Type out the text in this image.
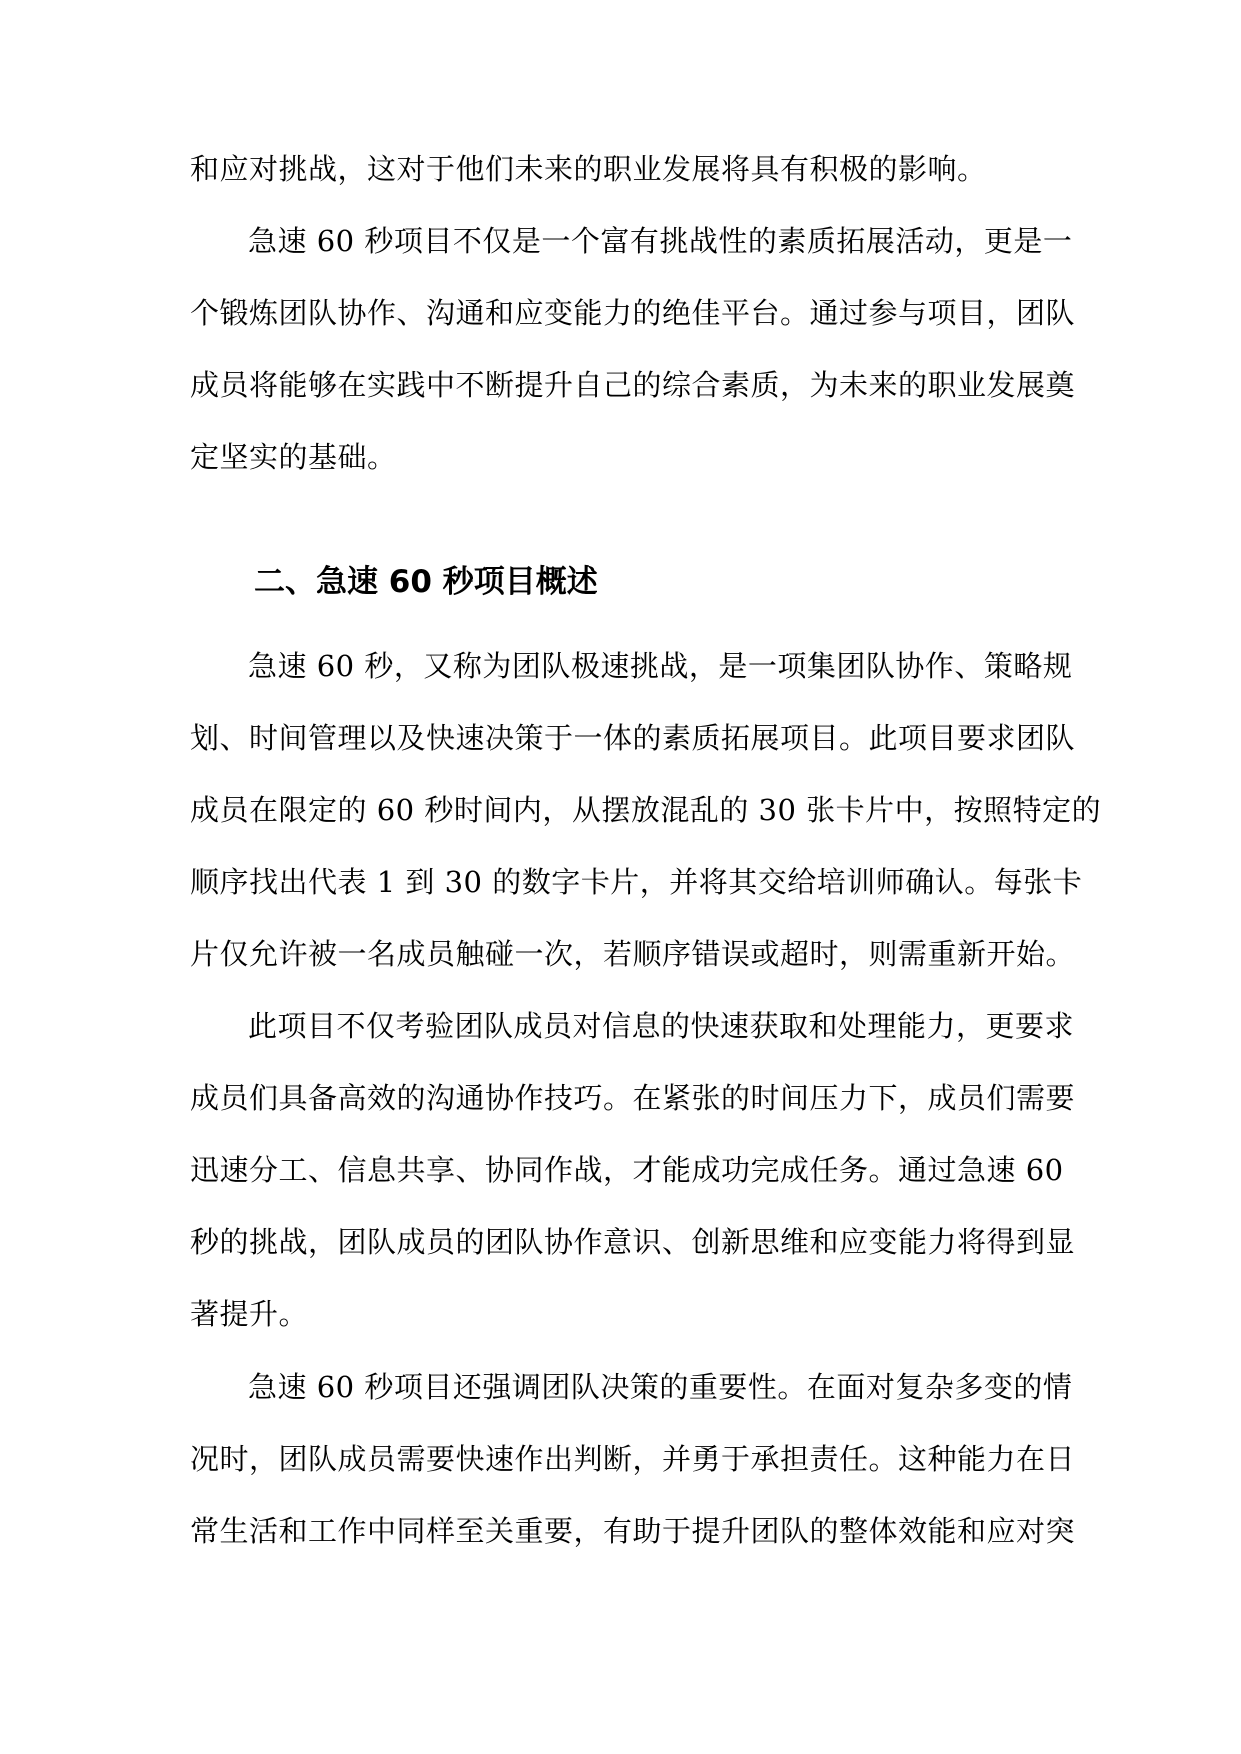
和应对挑战，这对于他们未来的职业发展将具有积极的影响。
急速 60 秒项目不仅是一个富有挑战性的素质拓展活动，更是一
个锻炼团队协作、沟通和应变能力的绝佳平台。通过参与项目，团队
成员将能够在实践中不断提升自己的综合素质，为未来的职业发展奠
定坚实的基础。
二、急速 60 秒项目概述
急速 60 秒，又称为团队极速挑战，是一项集团队协作、策略规
划、时间管理以及快速决策于一体的素质拓展项目。此项目要求团队
成员在限定的 60 秒时间内，从摆放混乱的 30 张卡片中，按照特定的
顺序找出代表 1 到 30 的数字卡片，并将其交给培训师确认。每张卡
片仅允许被一名成员触碰一次，若顺序错误或超时，则需重新开始。
此项目不仅考验团队成员对信息的快速获取和处理能力，更要求
成员们具备高效的沟通协作技巧。在紧张的时间压力下，成员们需要
迅速分工、信息共享、协同作战，才能成功完成任务。通过急速 60
秒的挑战，团队成员的团队协作意识、创新思维和应变能力将得到显
著提升。
急速 60 秒项目还强调团队决策的重要性。在面对复杂多变的情
况时，团队成员需要快速作出判断，并勇于承担责任。这种能力在日
常生活和工作中同样至关重要，有助于提升团队的整体效能和应对突
